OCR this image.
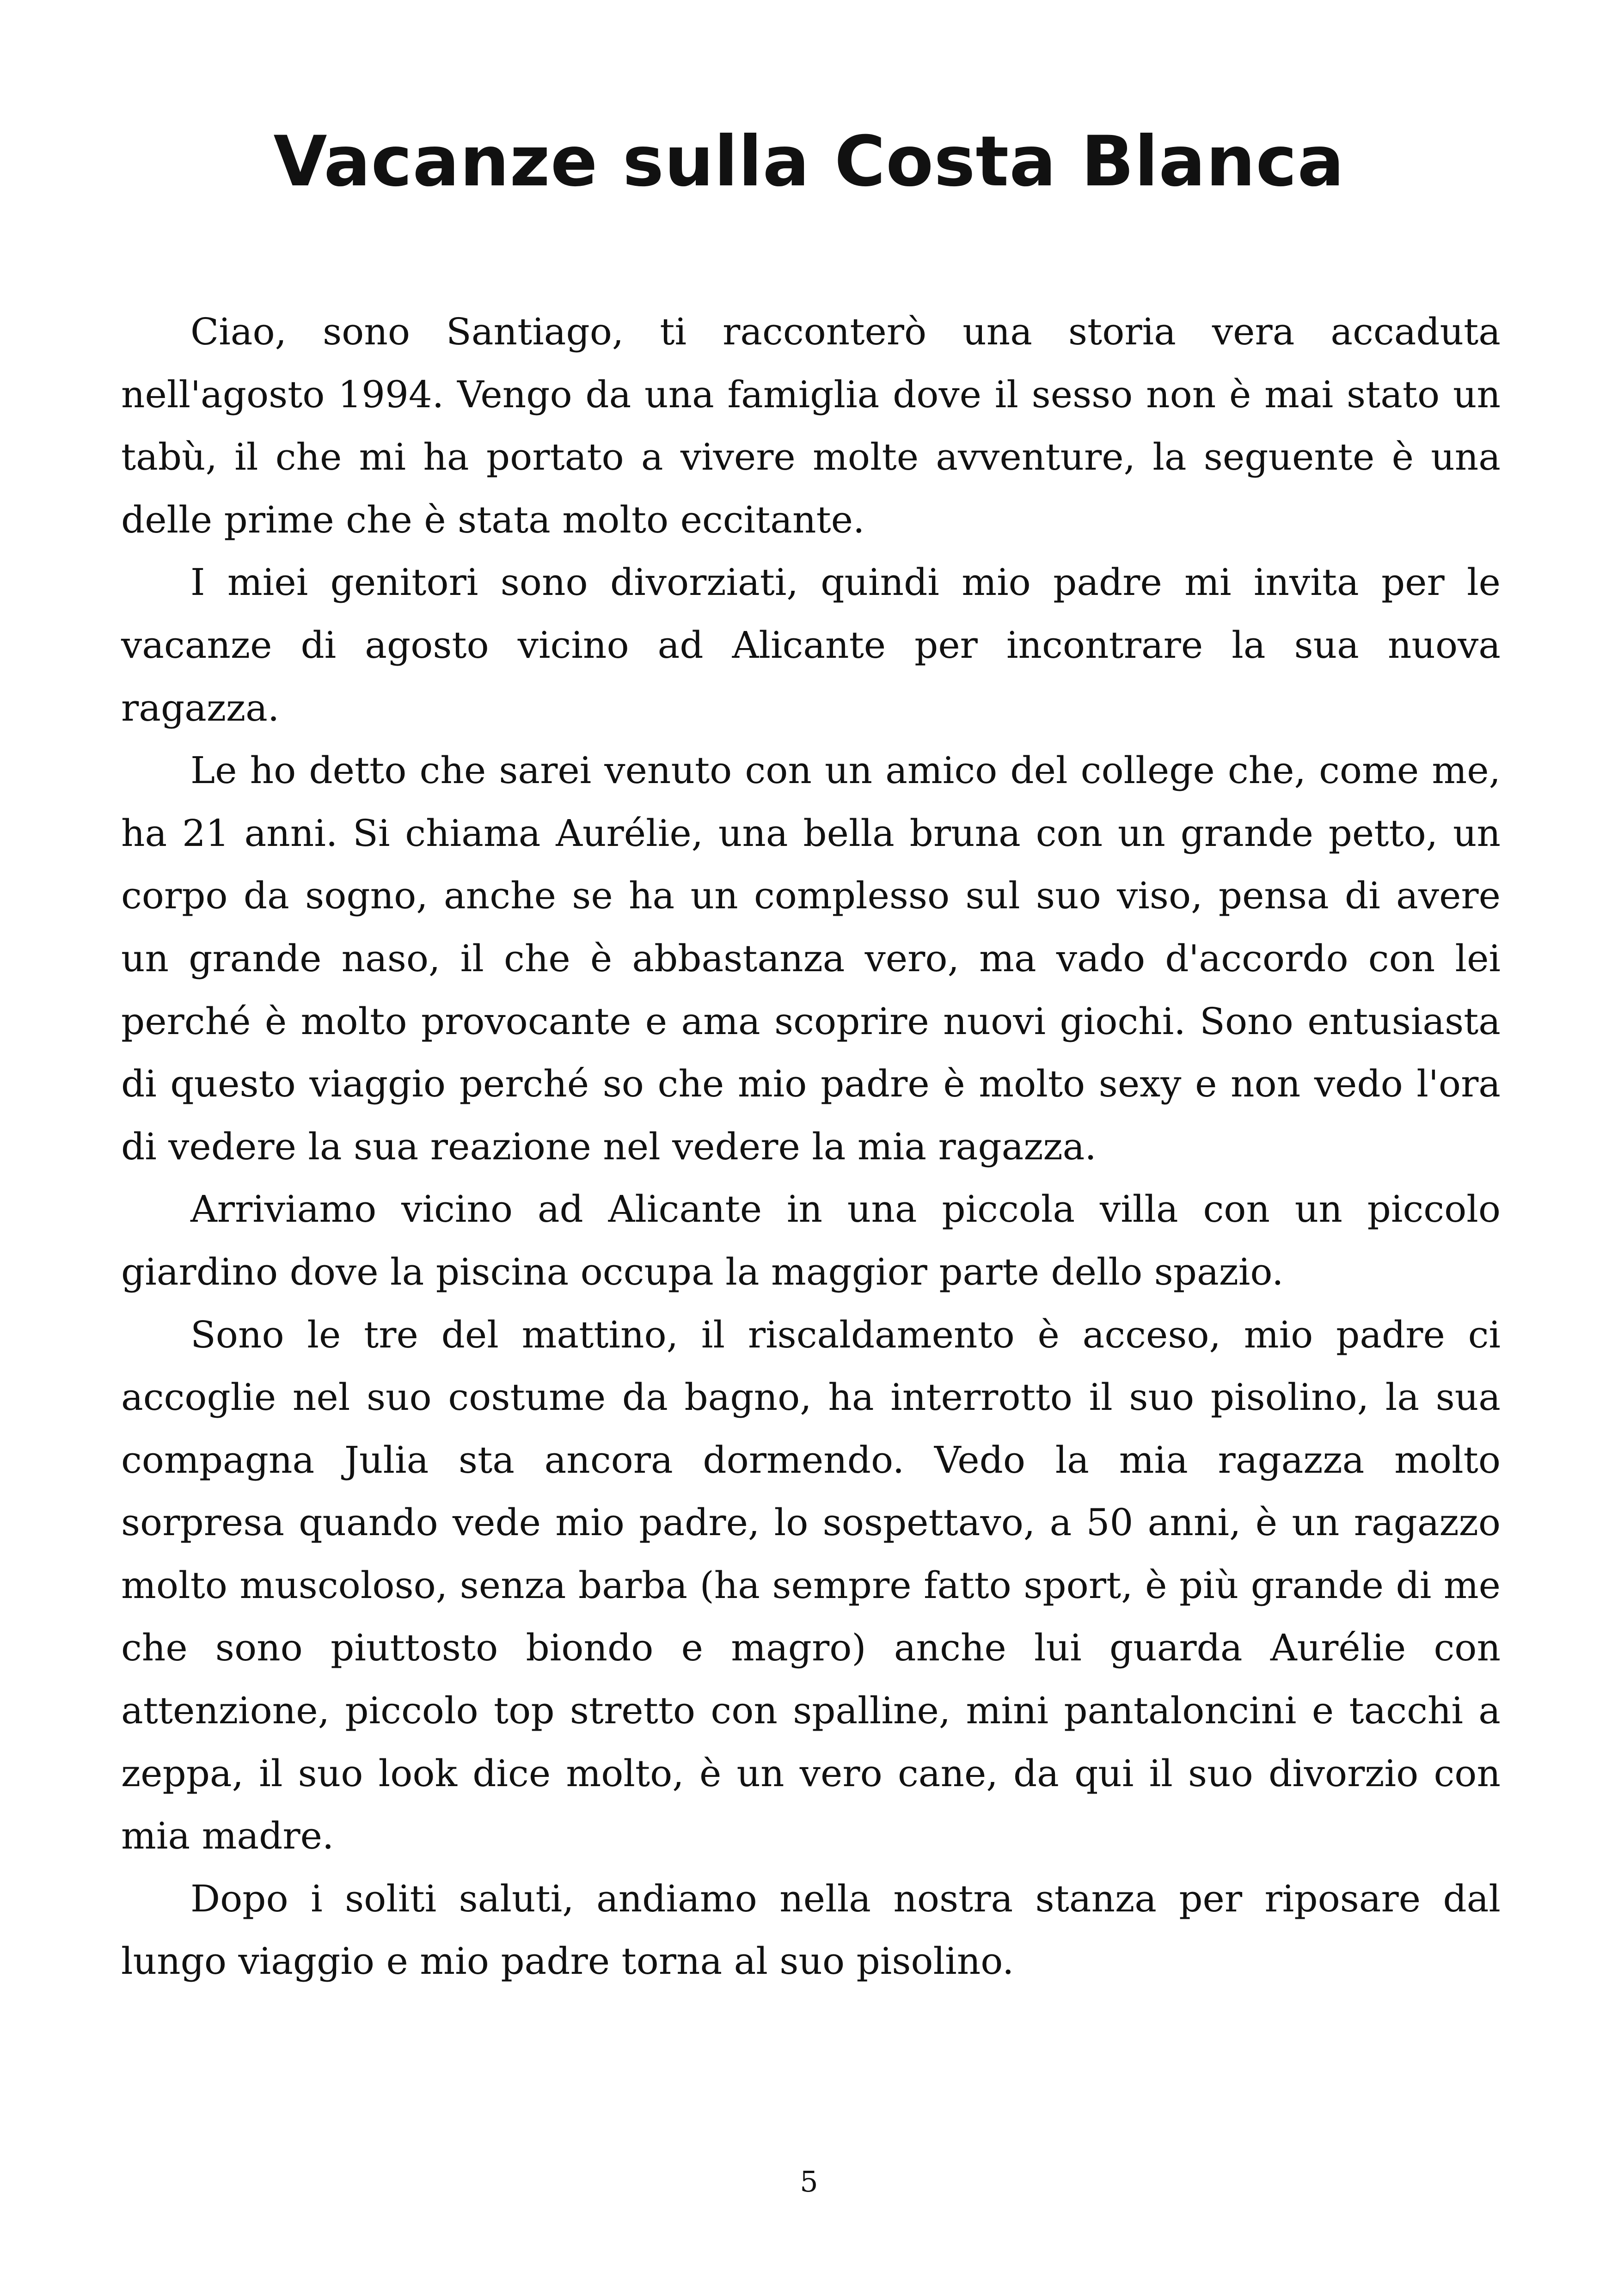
Vacanze sulla Costa Blanca

Ciao, sono Santiago, ti racconterò una storia vera accaduta nell'agosto 1994. Vengo da una famiglia dove il sesso non è mai stato un tabù, il che mi ha portato a vivere molte avventure, la seguente è una delle prime che è stata molto eccitante.

I miei genitori sono divorziati, quindi mio padre mi invita per le vacanze di agosto vicino ad Alicante per incontrare la sua nuova ragazza.

Le ho detto che sarei venuto con un amico del college che, come me, ha 21 anni. Si chiama Aurélie, una bella bruna con un grande petto, un corpo da sogno, anche se ha un complesso sul suo viso, pensa di avere un grande naso, il che è abbastanza vero, ma vado d'accordo con lei perché è molto provocante e ama scoprire nuovi giochi. Sono entusiasta di questo viaggio perché so che mio padre è molto sexy e non vedo l'ora di vedere la sua reazione nel vedere la mia ragazza.

Arriviamo vicino ad Alicante in una piccola villa con un piccolo giardino dove la piscina occupa la maggior parte dello spazio.

Sono le tre del mattino, il riscaldamento è acceso, mio padre ci accoglie nel suo costume da bagno, ha interrotto il suo pisolino, la sua compagna Julia sta ancora dormendo. Vedo la mia ragazza molto sorpresa quando vede mio padre, lo sospettavo, a 50 anni, è un ragazzo molto muscoloso, senza barba (ha sempre fatto sport, è più grande di me che sono piuttosto biondo e magro) anche lui guarda Aurélie con attenzione, piccolo top stretto con spalline, mini pantaloncini e tacchi a zeppa, il suo look dice molto, è un vero cane, da qui il suo divorzio con mia madre.

Dopo i soliti saluti, andiamo nella nostra stanza per riposare dal lungo viaggio e mio padre torna al suo pisolino.

5
